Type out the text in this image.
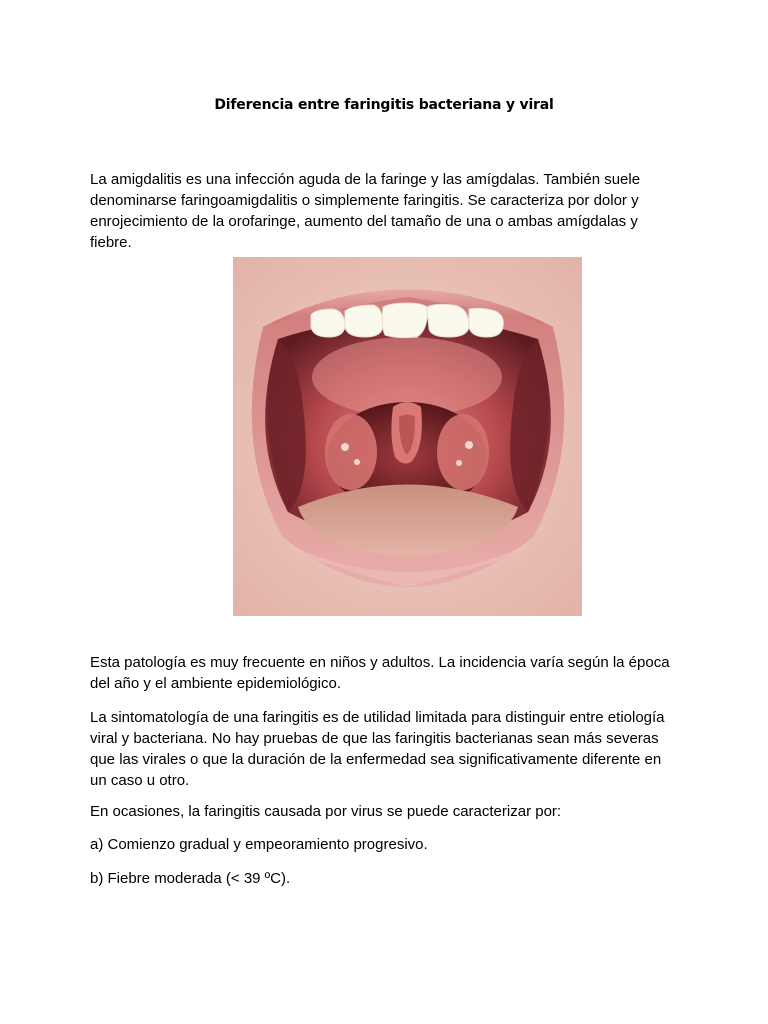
Diferencia entre faringitis bacteriana y viral

La amigdalitis es una infección aguda de la faringe y las amígdalas. También suele denominarse faringoamigdalitis o simplemente faringitis. Se caracteriza por dolor y enrojecimiento de la orofaringe, aumento del tamaño de una o ambas amígdalas y fiebre.

Esta patología es muy frecuente en niños y adultos. La incidencia varía según la época del año y el ambiente epidemiológico.

La sintomatología de una faringitis es de utilidad limitada para distinguir entre etiología viral y bacteriana. No hay pruebas de que las faringitis bacterianas sean más severas que las virales o que la duración de la enfermedad sea significativamente diferente en un caso u otro.

En ocasiones, la faringitis causada por virus se puede caracterizar por:

a) Comienzo gradual y empeoramiento progresivo.

b) Fiebre moderada (< 39 ºC).
